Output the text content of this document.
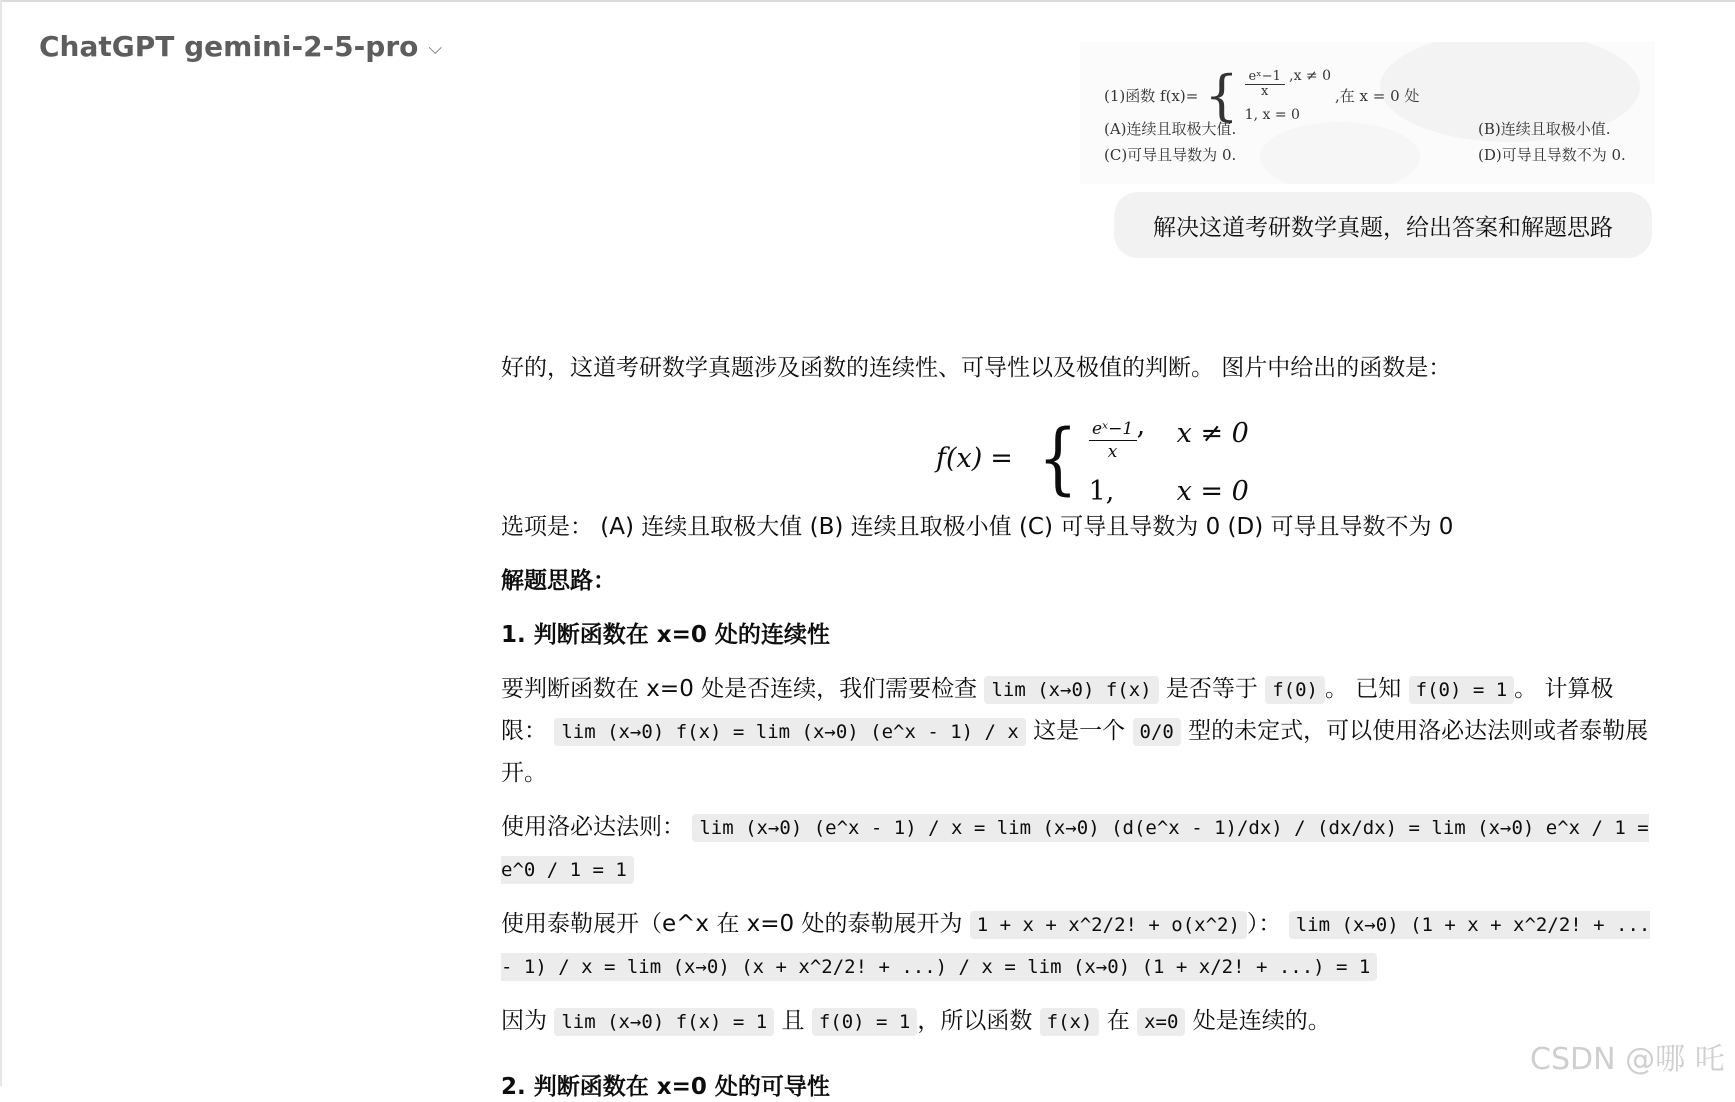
ChatGPT gemini-2-5-pro ⌵
(1)函数 f(x)= { $\frac{\text{eˣ−1}}{x} ,x \ne 0$
1, x = 0
,在 x = 0 处
(A)连续且取极大值.	(B)连续且取极小值.
(C)可导且导数为 0.	(D)可导且导数不为 0.
解决这道考研数学真题，给出答案和解题思路

好的，这道考研数学真题涉及函数的连续性、可导性以及极值的判断。 图片中给出的函数是：

f(x) = { $\frac{\text{eˣ−1}}{x}$ ,	x ≠ 0
1,	x = 0

选项是： (A) 连续且取极大值 (B) 连续且取极小值 (C) 可导且导数为 0 (D) 可导且导数不为 0

解题思路：

1. 判断函数在 x=0 处的连续性

要判断函数在 x=0 处是否连续，我们需要检查 lim (x→0) f(x) 是否等于 f(0) 。 已知 f(0) = 1 。 计算极限： lim (x→0) f(x) = lim (x→0) (e^x - 1) / x 这是一个 0/0 型的未定式，可以使用洛必达法则或者泰勒展开。

使用洛必达法则： lim (x→0) (e^x - 1) / x = lim (x→0) (d(e^x - 1)/dx) / (dx/dx) = lim (x→0) e^x / 1 = e^0 / 1 = 1

使用泰勒展开（e^x 在 x=0 处的泰勒展开为 1 + x + x^2/2! + o(x^2) ）： lim (x→0) (1 + x + x^2/2! + ... - 1) / x = lim (x→0) (x + x^2/2! + ...) / x = lim (x→0) (1 + x/2! + ...) = 1

因为 lim (x→0) f(x) = 1 且 f(0) = 1 ，所以函数 f(x) 在 x=0 处是连续的。

2. 判断函数在 x=0 处的可导性
CSDN @哪 吒
